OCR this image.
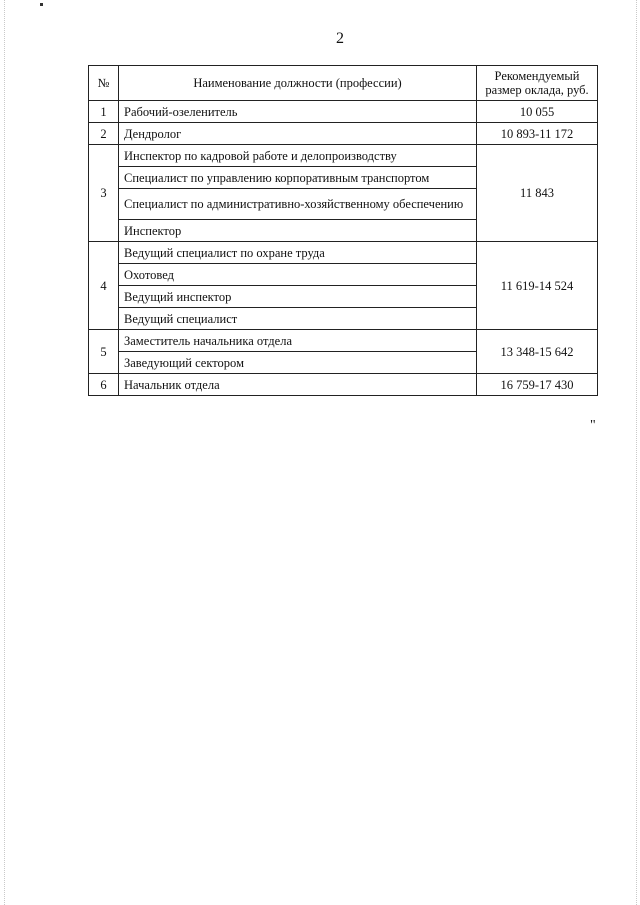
2
№	Наименование должности (профессии)	Рекомендуемый размер оклада, руб.
1	Рабочий-озеленитель	10 055
2	Дендролог	10 893-11 172
3	Инспектор по кадровой работе и делопроизводству	11 843
	Специалист по управлению корпоративным транспортом	
	Специалист по административно-хозяйственному обеспечению	
	Инспектор	
4	Ведущий специалист по охране труда	11 619-14 524
	Охотовед	
	Ведущий инспектор	
	Ведущий специалист	
5	Заместитель начальника отдела	13 348-15 642
	Заведующий сектором	
6	Начальник отдела	16 759-17 430
"
